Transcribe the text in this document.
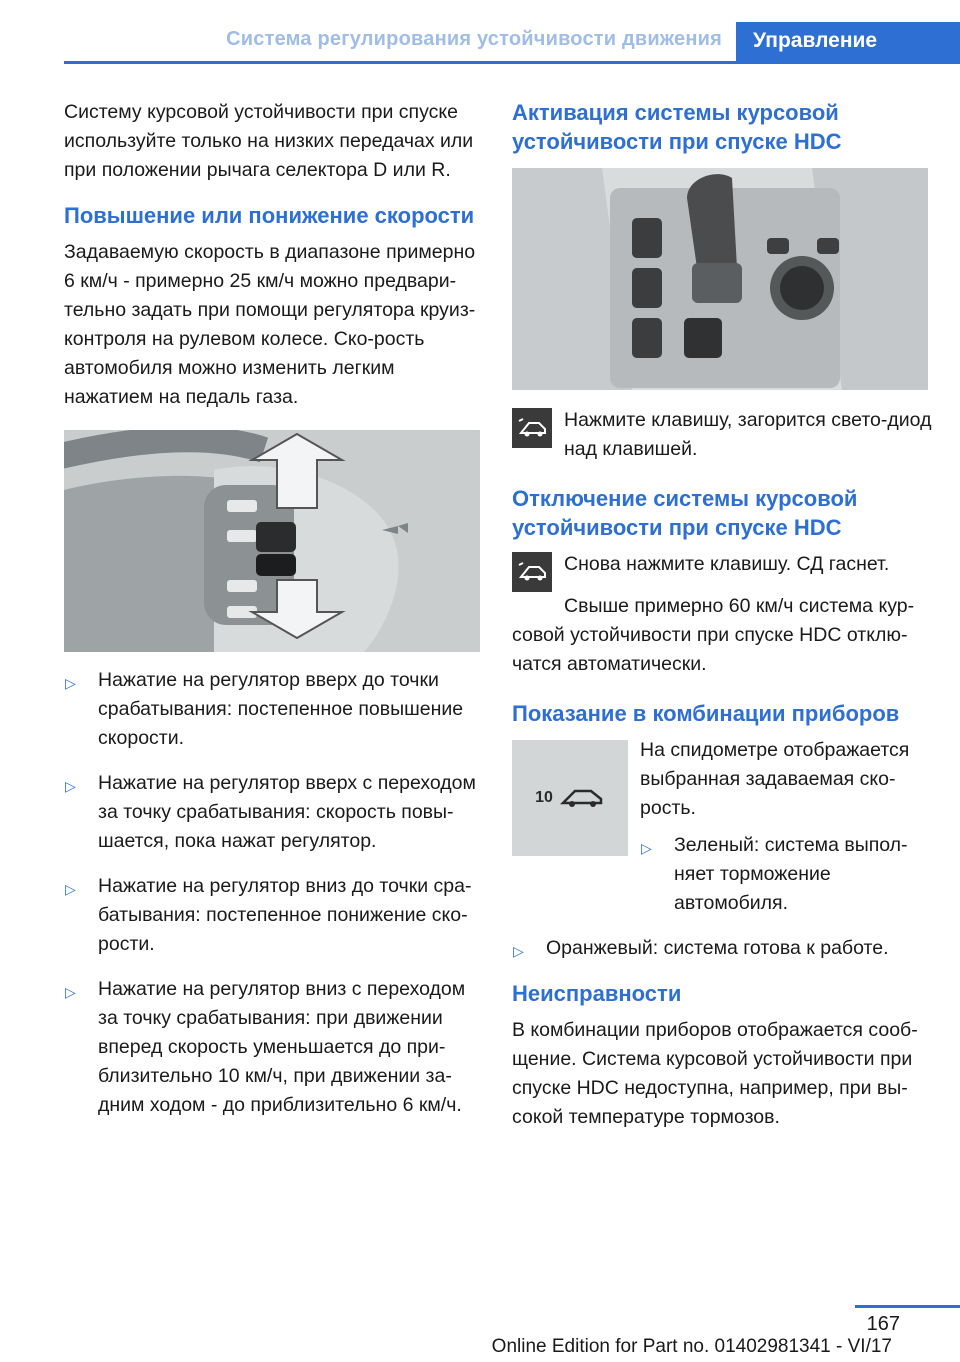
Система регулирования устойчивости движения	Управление

Систему курсовой устойчивости при спуске используйте только на низких передачах или при положении рычага селектора D или R.

Повышение или понижение скорости

Задаваемую скорость в диапазоне примерно 6 км/ч - примерно 25 км/ч можно предвари-тельно задать при помощи регулятора круиз-контроля на рулевом колесе. Ско-рость автомобиля можно изменить легким нажатием на педаль газа.

▷ Нажатие на регулятор вверх до точки срабатывания: постепенное повышение скорости.
▷ Нажатие на регулятор вверх с переходом за точку срабатывания: скорость повы-шается, пока нажат регулятор.
▷ Нажатие на регулятор вниз до точки сра-батывания: постепенное понижение ско-рости.
▷ Нажатие на регулятор вниз с переходом за точку срабатывания: при движении вперед скорость уменьшается до при-близительно 10 км/ч, при движении за-дним ходом - до приблизительно 6 км/ч.
Активация системы курсовой устойчивости при спуске HDC

Нажмите клавишу, загорится свето-диод над клавишей.

Отключение системы курсовой устойчивости при спуске HDC

Снова нажмите клавишу. СД гаснет.

Свыше примерно 60 км/ч система кур-совой устойчивости при спуске HDC отклю-чатся автоматически.

Показание в комбинации приборов
10

На спидометре отображается выбранная задаваемая ско-рость.

▷ Зеленый: система выпол-няет торможение автомобиля.
▷ Оранжевый: система готова к работе.
Неисправности

В комбинации приборов отображается сооб-щение. Система курсовой устойчивости при спуске HDC недоступна, например, при вы-сокой температуре тормозов.

167
Online Edition for Part no. 01402981341 - VI/17
